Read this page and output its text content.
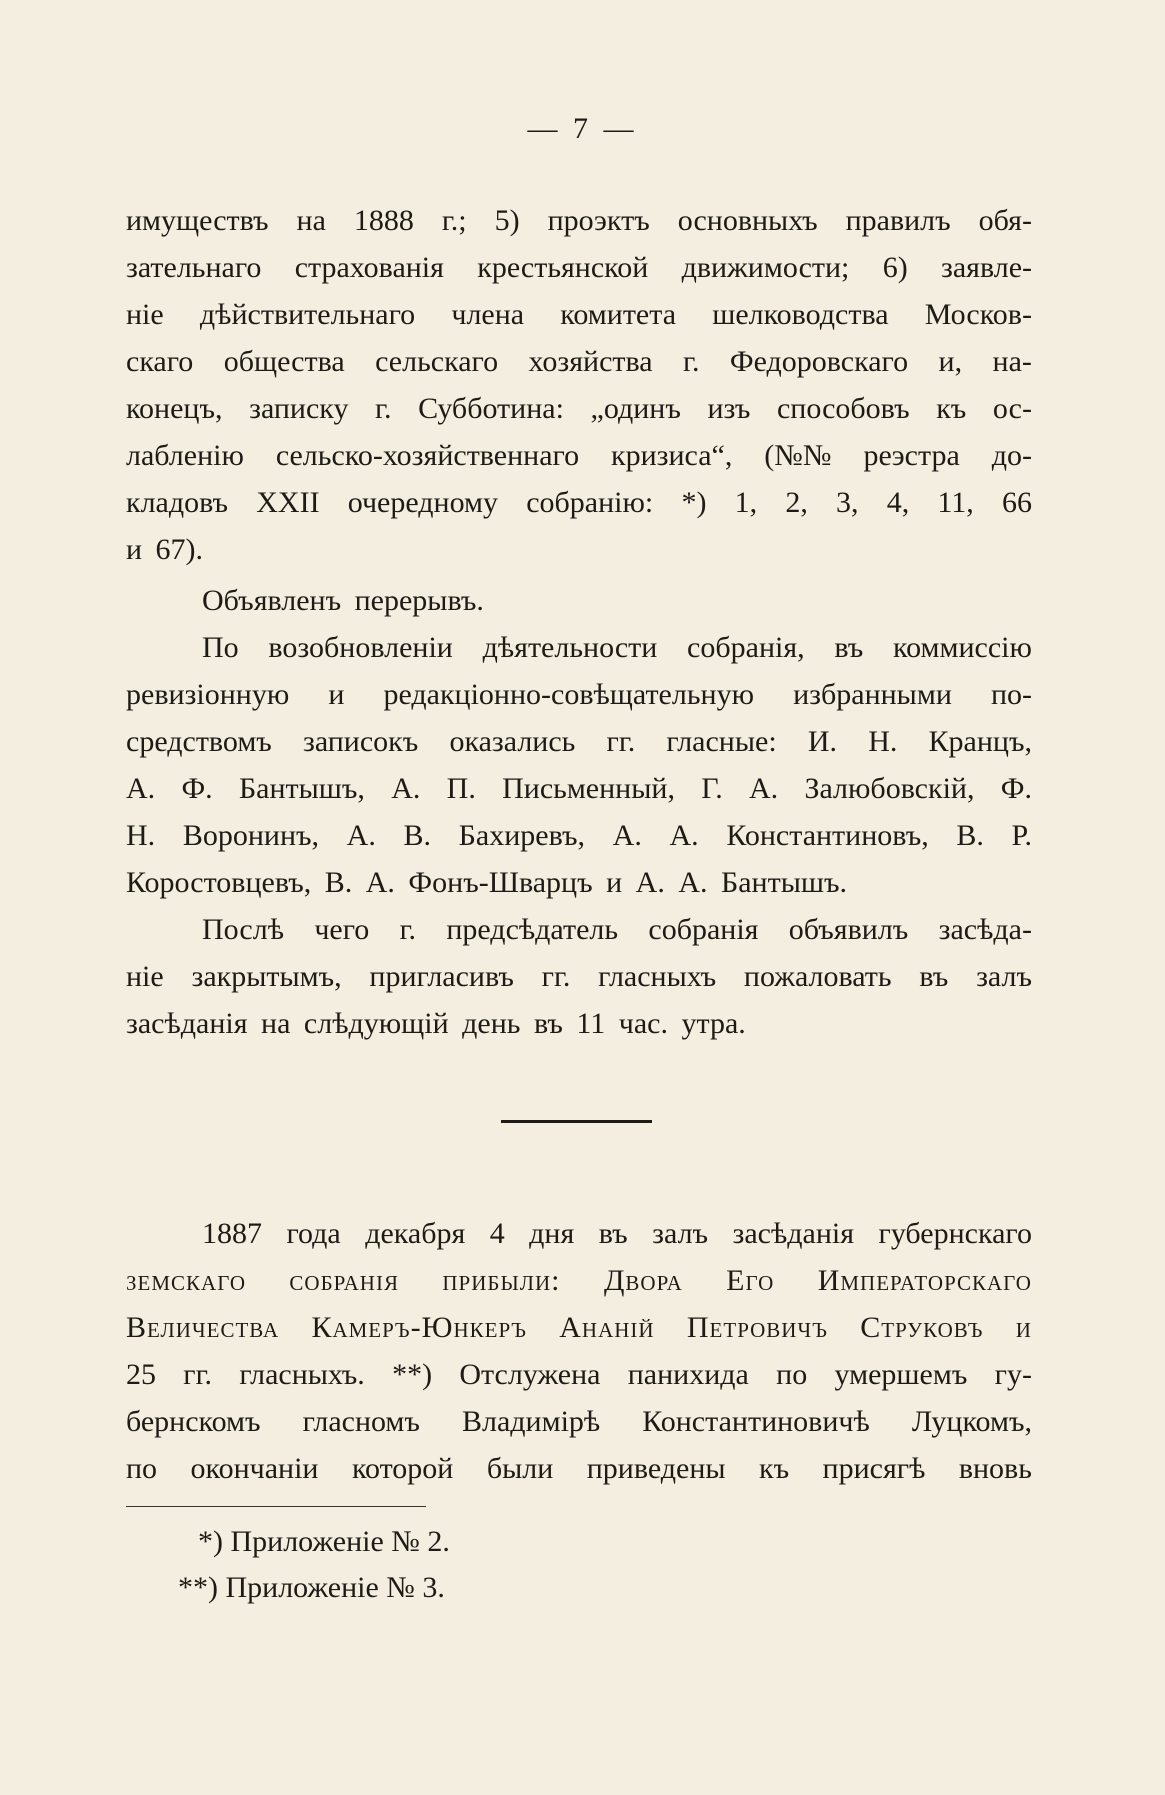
— 7 —
имуществъ на 1888 г.; 5) проэктъ основныхъ правилъ обя-
зательнаго страхованія крестьянской движимости; 6) заявле-
ніе дѣйствительнаго члена комитета шелководства Москов-
скаго общества сельскаго хозяйства г. Федоровскаго и, на-
конецъ, записку г. Субботина: „одинъ изъ способовъ къ ос-
лабленію сельско-хозяйственнаго кризиса“, (№№ реэстра до-
кладовъ XXII очередному собранію: *) 1, 2, 3, 4, 11, 66
и 67).
Объявленъ перерывъ.
По возобновленіи дѣятельности собранія, въ коммиссію
ревизіонную и редакціонно-совѣщательную избранными по-
средствомъ записокъ оказались гг. гласные: И. Н. Кранцъ,
А. Ф. Бантышъ, А. П. Письменный, Г. А. Залюбовскій, Ф.
Н. Воронинъ, А. В. Бахиревъ, А. А. Константиновъ, В. Р.
Коростовцевъ, В. А. Фонъ-Шварцъ и А. А. Бантышъ.
Послѣ чего г. предсѣдатель собранія объявилъ засѣда-
ніе закрытымъ, пригласивъ гг. гласныхъ пожаловать въ залъ
засѣданія на слѣдующій день въ 11 час. утра.
1887 года декабря 4 дня въ залъ засѣданія губернскаго
земскаго собранія прибыли: Двора Его Императорскаго
Величества Камеръ-Юнкеръ Ананій Петровичъ Струковъ и
25 гг. гласныхъ. **) Отслужена панихида по умершемъ гу-
бернскомъ гласномъ Владимірѣ Константиновичѣ Луцкомъ,
по окончаніи которой были приведены къ присягѣ вновь
*) Приложеніе № 2.
**) Приложеніе № 3.
